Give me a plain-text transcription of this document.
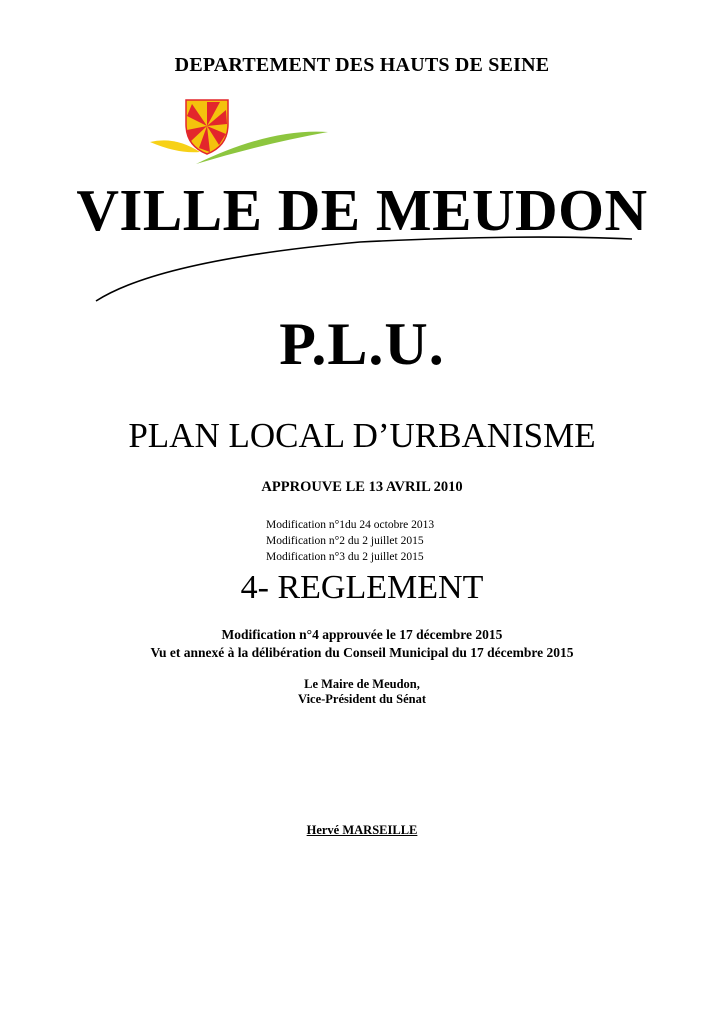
DEPARTEMENT DES HAUTS DE SEINE

VILLE DE MEUDON

P.L.U.

PLAN LOCAL D’URBANISME

APPROUVE LE 13 AVRIL 2010

Modification n°1du 24 octobre 2013
Modification n°2 du 2 juillet 2015
Modification n°3 du 2 juillet 2015

4- REGLEMENT

Modification n°4 approuvée le 17 décembre 2015

Vu et annexé à la délibération du Conseil Municipal du 17 décembre 2015

Le Maire de Meudon,

Vice-Président du Sénat

Hervé MARSEILLE
